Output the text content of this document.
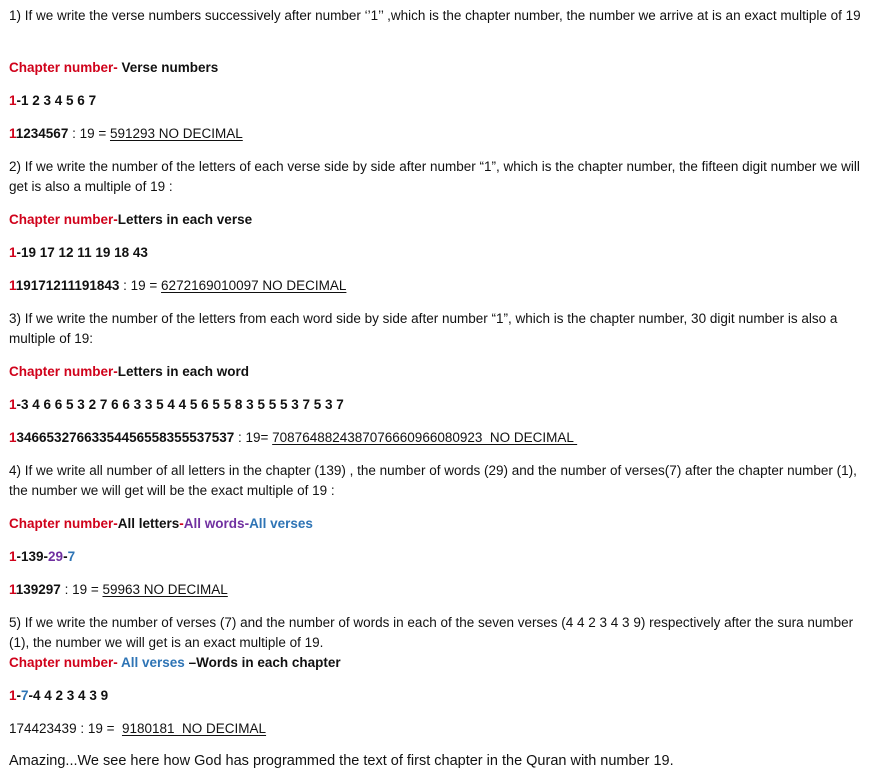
1) If we write the verse numbers successively after number ‘’1’’ ,which is the chapter number, the number we arrive at is an exact multiple of 19
Chapter number- Verse numbers
1-1 2 3 4 5 6 7
11234567 : 19 = 591293 NO DECIMAL
2) If we write the number of the letters of each verse side by side after number “1”, which is the chapter number, the fifteen digit number we will get is also a multiple of 19 :
Chapter number-Letters in each verse
1-19 17 12 11 19 18 43
119171211191843 : 19 = 6272169010097 NO DECIMAL
3) If we write the number of the letters from each word side by side after number “1”, which is the chapter number, 30 digit number is also a multiple of 19:
Chapter number-Letters in each word
1-3 4 6 6 5 3 2 7 6 6 3 3 5 4 4 5 6 5 5 8 3 5 5 5 3 7 5 3 7
134665327663354456558355537537 : 19= 7087648824387076660966080923  NO DECIMAL
4) If we write all number of all letters in the chapter (139) , the number of words (29) and the number of verses(7) after the chapter number (1), the number we will get will be the exact multiple of 19 :
Chapter number-All letters-All words-All verses
1-139-29-7
1139297 : 19 = 59963 NO DECIMAL
5) If we write the number of verses (7) and the number of words in each of the seven verses (4 4 2 3 4 3 9) respectively after the sura number (1), the number we will get is an exact multiple of 19.
Chapter number- All verses –Words in each chapter
1-7-4 4 2 3 4 3 9
174423439 : 19 =  9180181  NO DECIMAL
Amazing...We see here how God has programmed the text of first chapter in the Quran with number 19.
